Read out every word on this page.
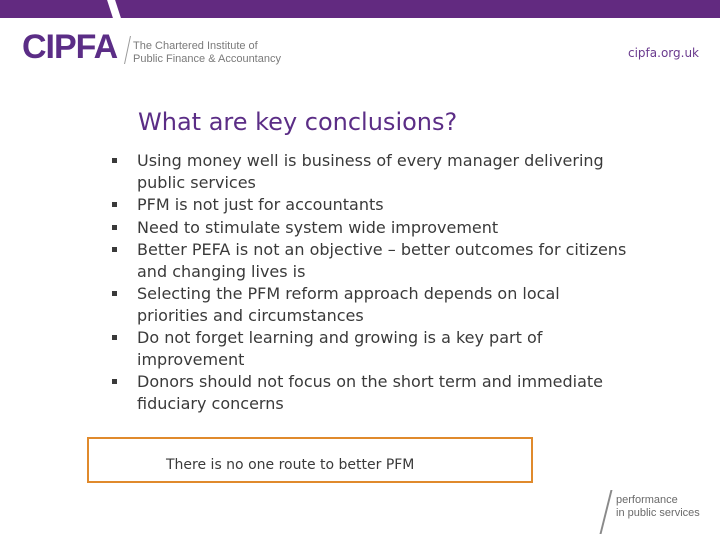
CIPFA The Chartered Institute of
Public Finance & Accountancy	cipfa.org.uk
What are key conclusions?
Using money well is business of every manager delivering public services
PFM is not just for accountants
Need to stimulate system wide improvement
Better PEFA is not an objective – better outcomes for citizens and changing lives is
Selecting the PFM reform approach depends on local priorities and circumstances
Do not forget learning and growing is a key part of improvement
Donors should not focus on the short term and immediate fiduciary concerns
There is no one route to better PFM
performance
in public services
